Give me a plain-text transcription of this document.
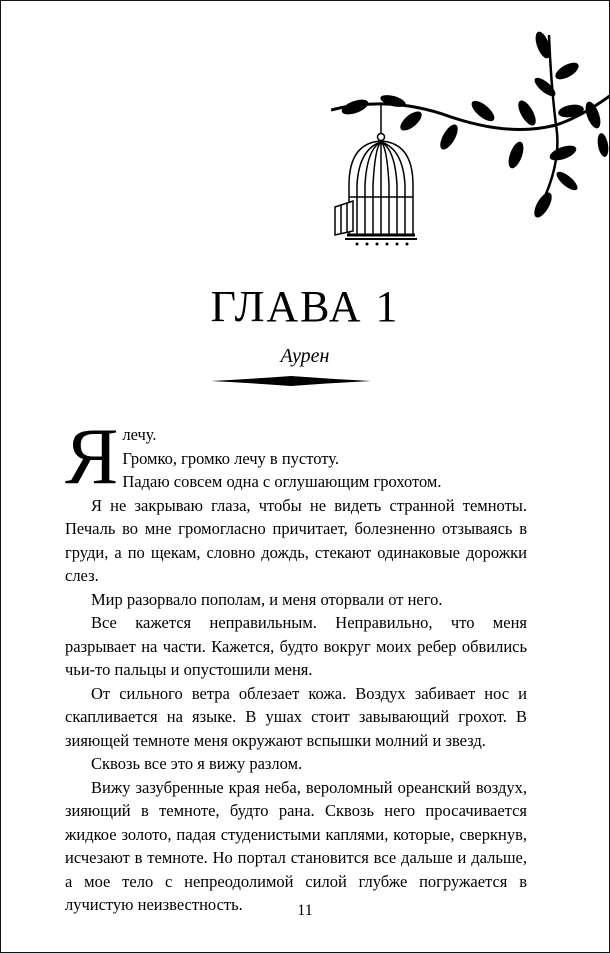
ГЛАВА 1
Аурен
Я лечу.

Громко, громко лечу в пустоту.

Падаю совсем одна с оглушающим грохотом.

Я не закрываю глаза, чтобы не видеть странной темноты. Печаль во мне громогласно причитает, болезненно отзываясь в груди, а по щекам, словно дождь, стекают одинаковые дорожки слез.

Мир разорвало пополам, и меня оторвали от него.

Все кажется неправильным. Неправильно, что меня разрывает на части. Кажется, будто вокруг моих ребер обвились чьи-то пальцы и опустошили меня.

От сильного ветра облезает кожа. Воздух забивает нос и скапливается на языке. В ушах стоит завывающий грохот. В зияющей темноте меня окружают вспышки молний и звезд.

Сквозь все это я вижу разлом.

Вижу зазубренные края неба, вероломный ореанский воздух, зияющий в темноте, будто рана. Сквозь него просачивается жидкое золото, падая студенистыми каплями, которые, сверкнув, исчезают в темноте. Но портал становится все дальше и дальше, а мое тело с непреодолимой силой глубже погружается в лучистую неизвестность.	11
